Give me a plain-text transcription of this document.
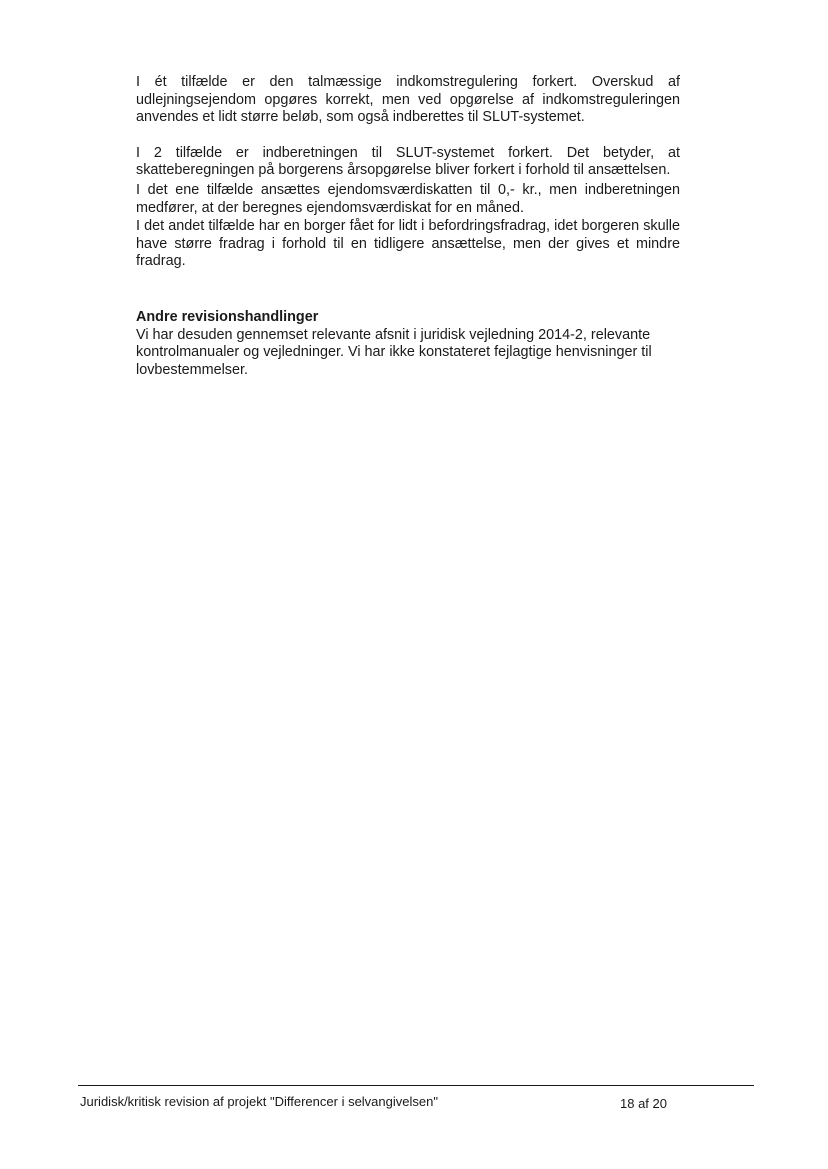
I ét tilfælde er den talmæssige indkomstregulering forkert. Overskud af udlejningsejendom opgøres korrekt, men ved opgørelse af indkomstreguleringen anvendes et lidt større beløb, som også indberettes til SLUT-systemet.

I 2 tilfælde er indberetningen til SLUT-systemet forkert. Det betyder, at skatteberegningen på borgerens årsopgørelse bliver forkert i forhold til ansættelsen.

I det ene tilfælde ansættes ejendomsværdiskatten til 0,- kr., men indberetningen medfører, at der beregnes ejendomsværdiskat for en måned.

I det andet tilfælde har en borger fået for lidt i befordringsfradrag, idet borgeren skulle have større fradrag i forhold til en tidligere ansættelse, men der gives et mindre fradrag.

Andre revisionshandlinger

Vi har desuden gennemset relevante afsnit i juridisk vejledning 2014-2, relevante kontrolmanualer og vejledninger. Vi har ikke konstateret fejlagtige henvisninger til lovbestemmelser.

Juridisk/kritisk revision af projekt "Differencer i selvangivelsen"	18 af 20
